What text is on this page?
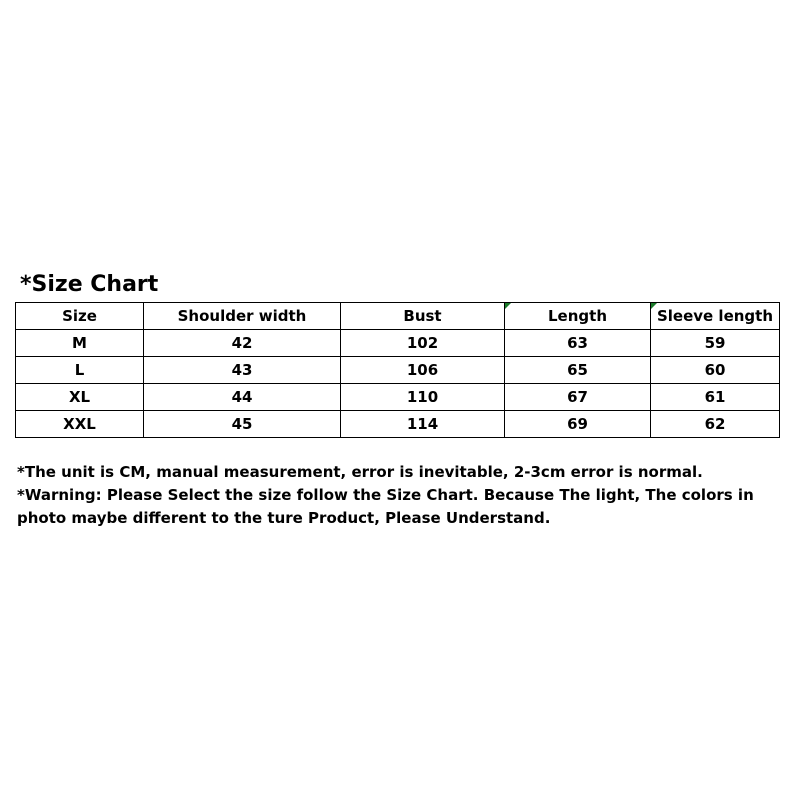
*Size Chart
Size	Shoulder width	Bust	Length	Sleeve length
M	42	102	63	59
L	43	106	65	60
XL	44	110	67	61
XXL	45	114	69	62
*The unit is CM, manual measurement, error is inevitable, 2-3cm error is normal. *Warning: Please Select the size follow the Size Chart. Because The light, The colors in photo maybe different to the ture Product, Please Understand.
